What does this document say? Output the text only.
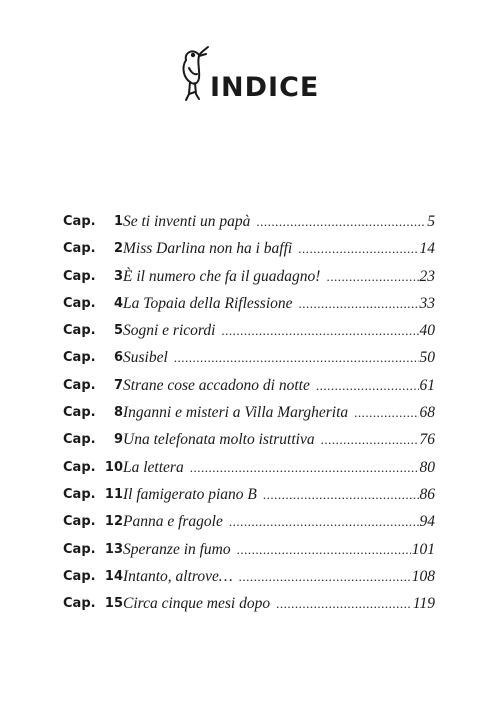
INDICE
Cap. 1 Se ti inventi un papà .....	5
Cap. 2 Miss Darlina non ha i baffi .....	14
Cap. 3 È il numero che fa il guadagno! .....	23
Cap. 4 La Topaia della Riflessione .....	33
Cap. 5 Sogni e ricordi .....	40
Cap. 6 Susibel .....	50
Cap. 7 Strane cose accadono di notte .....	61
Cap. 8 Inganni e misteri a Villa Margherita .....	68
Cap. 9 Una telefonata molto istruttiva .....	76
Cap. 10 La lettera .....	80
Cap. 11 Il famigerato piano B .....	86
Cap. 12 Panna e fragole .....	94
Cap. 13 Speranze in fumo .....	101
Cap. 14 Intanto, altrove… .....	108
Cap. 15 Circa cinque mesi dopo .....	119
